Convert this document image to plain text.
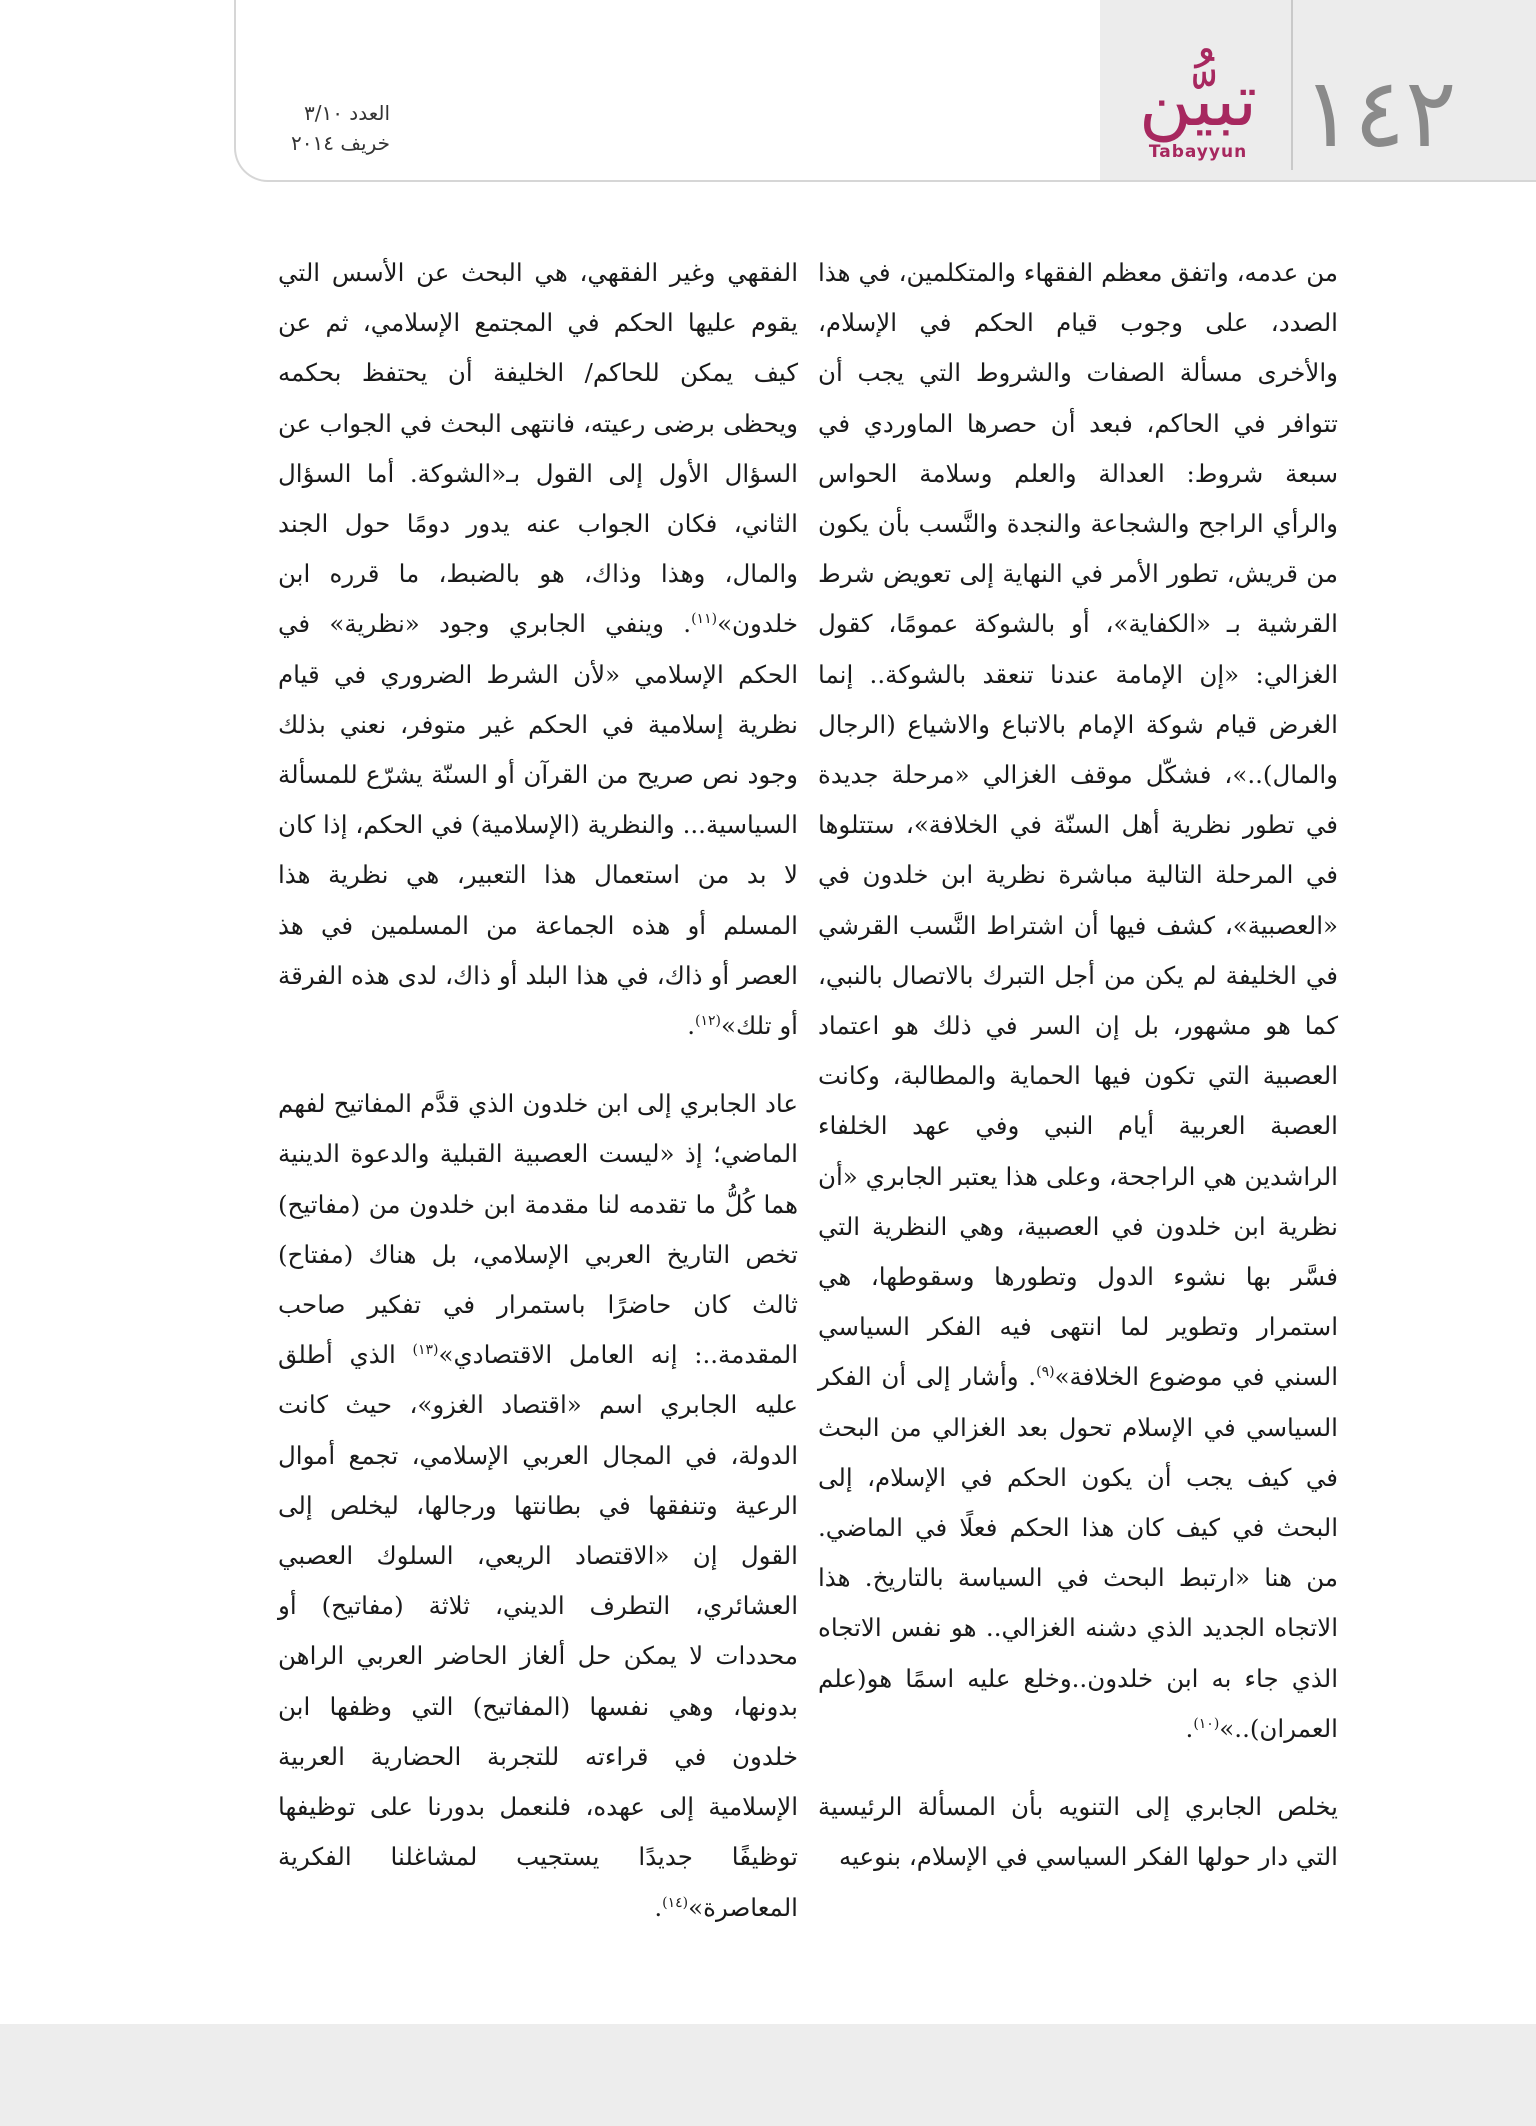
١٤٢
تبيُّن
Tabayyun
العدد ٣/١٠
خريف ٢٠١٤

من عدمه، واتفق معظم الفقهاء والمتكلمين، في هذا الصدد، على وجوب قيام الحكم في الإسلام، والأخرى مسألة الصفات والشروط التي يجب أن تتوافر في الحاكم، فبعد أن حصرها الماوردي في سبعة شروط: العدالة والعلم وسلامة الحواس والرأي الراجح والشجاعة والنجدة والنَّسب بأن يكون من قريش، تطور الأمر في النهاية إلى تعويض شرط القرشية بـ «الكفاية»، أو بالشوكة عمومًا، كقول الغزالي: «إن الإمامة عندنا تنعقد بالشوكة.. إنما الغرض قيام شوكة الإمام بالاتباع والاشياع (الرجال والمال)..»، فشكّل موقف الغزالي «مرحلة جديدة في تطور نظرية أهل السنّة في الخلافة»، ستتلوها في المرحلة التالية مباشرة نظرية ابن خلدون في «العصبية»، كشف فيها أن اشتراط النَّسب القرشي في الخليفة لم يكن من أجل التبرك بالاتصال بالنبي، كما هو مشهور، بل إن السر في ذلك هو اعتماد العصبية التي تكون فيها الحماية والمطالبة، وكانت العصبة العربية أيام النبي وفي عهد الخلفاء الراشدين هي الراجحة، وعلى هذا يعتبر الجابري «أن نظرية ابن خلدون في العصبية، وهي النظرية التي فسَّر بها نشوء الدول وتطورها وسقوطها، هي استمرار وتطوير لما انتهى فيه الفكر السياسي السني في موضوع الخلافة»$^{(٩)}$. وأشار إلى أن الفكر السياسي في الإسلام تحول بعد الغزالي من البحث في كيف يجب أن يكون الحكم في الإسلام، إلى البحث في كيف كان هذا الحكم فعلًا في الماضي. من هنا «ارتبط البحث في السياسة بالتاريخ. هذا الاتجاه الجديد الذي دشنه الغزالي.. هو نفس الاتجاه الذي جاء به ابن خلدون..وخلع عليه اسمًا هو(علم العمران)..»$^{(١٠)}$.

يخلص الجابري إلى التنويه بأن المسألة الرئيسية التي دار حولها الفكر السياسي في الإسلام، بنوعيه

الفقهي وغير الفقهي، هي البحث عن الأسس التي يقوم عليها الحكم في المجتمع الإسلامي، ثم عن كيف يمكن للحاكم/ الخليفة أن يحتفظ بحكمه ويحظى برضى رعيته، فانتهى البحث في الجواب عن السؤال الأول إلى القول بـ«الشوكة. أما السؤال الثاني، فكان الجواب عنه يدور دومًا حول الجند والمال، وهذا وذاك، هو بالضبط، ما قرره ابن خلدون»$^{(١١)}$. وينفي الجابري وجود «نظرية» في الحكم الإسلامي «لأن الشرط الضروري في قيام نظرية إسلامية في الحكم غير متوفر، نعني بذلك وجود نص صريح من القرآن أو السنّة يشرّع للمسألة السياسية... والنظرية (الإسلامية) في الحكم، إذا كان لا بد من استعمال هذا التعبير، هي نظرية هذا المسلم أو هذه الجماعة من المسلمين في هذ العصر أو ذاك، في هذا البلد أو ذاك، لدى هذه الفرقة أو تلك»$^{(١٢)}$.

عاد الجابري إلى ابن خلدون الذي قدَّم المفاتيح لفهم الماضي؛ إذ «ليست العصبية القبلية والدعوة الدينية هما كُلُّ ما تقدمه لنا مقدمة ابن خلدون من (مفاتيح) تخص التاريخ العربي الإسلامي، بل هناك (مفتاح) ثالث كان حاضرًا باستمرار في تفكير صاحب المقدمة..: إنه العامل الاقتصادي»$^{(١٣)}$ الذي أطلق عليه الجابري اسم «اقتصاد الغزو»، حيث كانت الدولة، في المجال العربي الإسلامي، تجمع أموال الرعية وتنفقها في بطانتها ورجالها، ليخلص إلى القول إن «الاقتصاد الريعي، السلوك العصبي العشائري، التطرف الديني، ثلاثة (مفاتيح) أو محددات لا يمكن حل ألغاز الحاضر العربي الراهن بدونها، وهي نفسها (المفاتيح) التي وظفها ابن خلدون في قراءته للتجربة الحضارية العربية الإسلامية إلى عهده، فلنعمل بدورنا على توظيفها توظيفًا جديدًا يستجيب لمشاغلنا الفكرية المعاصرة»$^{(١٤)}$.
